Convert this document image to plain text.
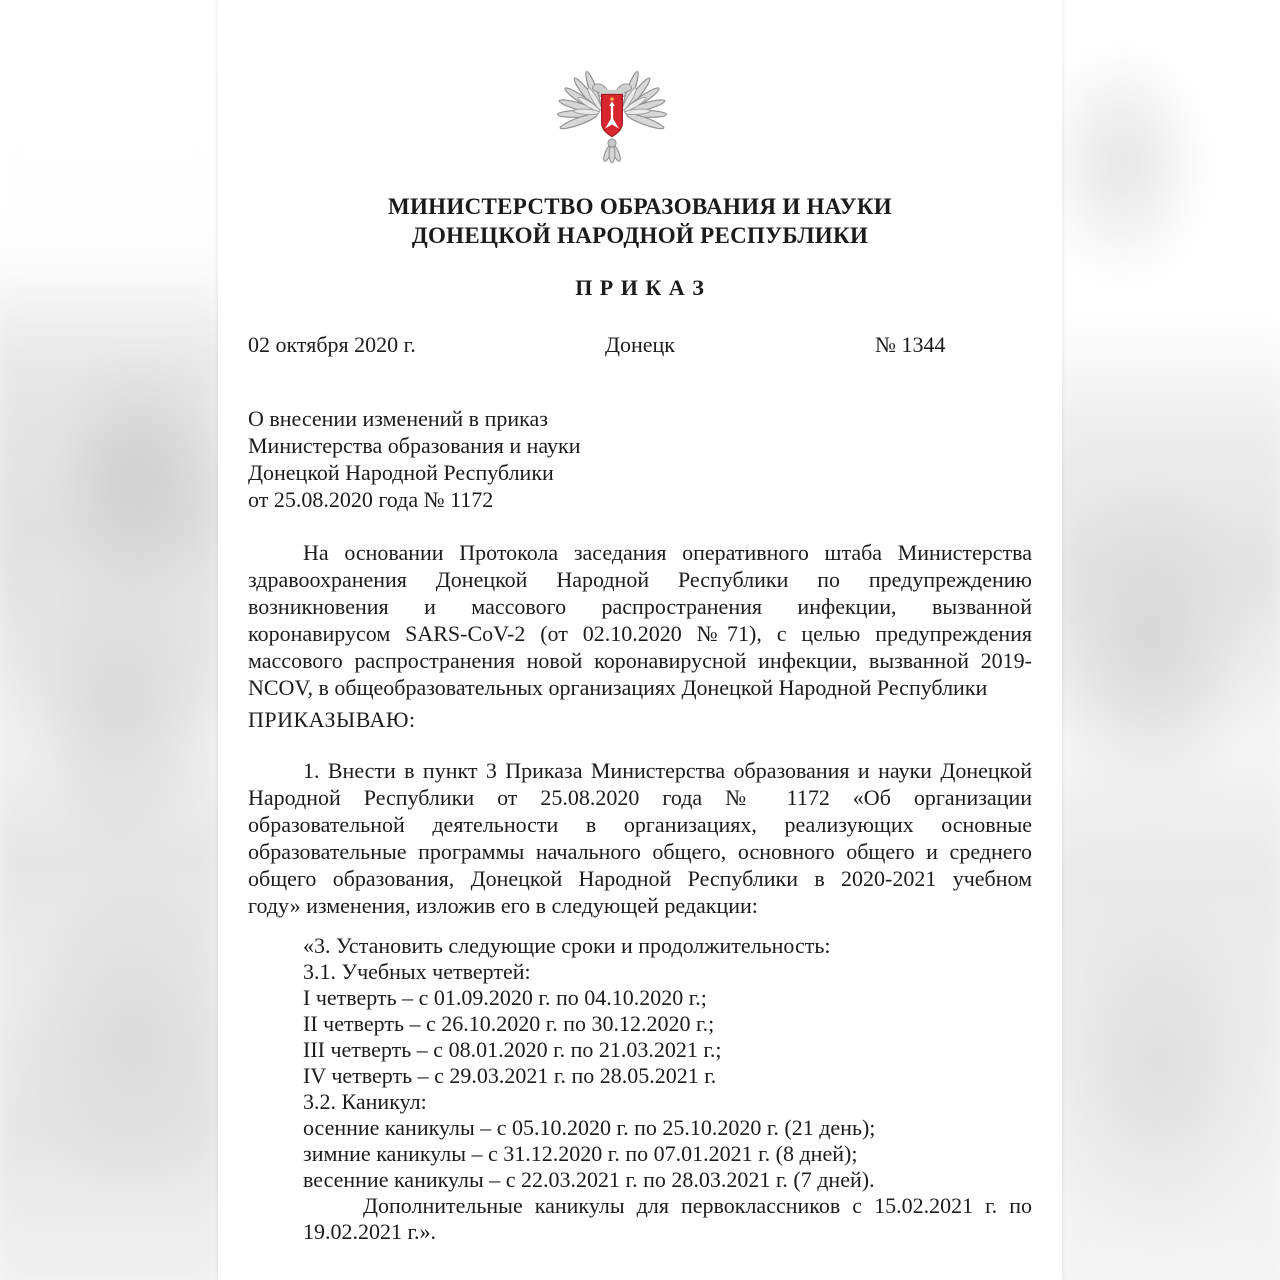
МИНИСТЕРСТВО ОБРАЗОВАНИЯ И НАУКИ
ДОНЕЦКОЙ НАРОДНОЙ РЕСПУБЛИКИ
П Р И К А З
02 октября 2020 г.	Донецк	№ 1344
О внесении изменений в приказ
Министерства образования и науки
Донецкой Народной Республики
от 25.08.2020 года № 1172
На основании Протокола заседания оперативного штаба Министерства
здравоохранения Донецкой Народной Республики по предупреждению
возникновения и массового распространения инфекции, вызванной
коронавирусом SARS-CoV-2 (от 02.10.2020 №71), с целью предупреждения
массового распространения новой коронавирусной инфекции, вызванной 2019-
NCOV, в общеобразовательных организациях Донецкой Народной Республики
ПРИКАЗЫВАЮ:
1. Внести в пункт 3 Приказа Министерства образования и науки Донецкой
Народной Республики от 25.08.2020 года № 1172 «Об организации
образовательной деятельности в организациях, реализующих основные
образовательные программы начального общего, основного общего и среднего
общего образования, Донецкой Народной Республики в 2020-2021 учебном
году» изменения, изложив его в следующей редакции:
«3. Установить следующие сроки и продолжительность:
3.1. Учебных четвертей:
I четверть – с 01.09.2020 г. по 04.10.2020 г.;
II четверть – с 26.10.2020 г. по 30.12.2020 г.;
III четверть – с 08.01.2020 г. по 21.03.2021 г.;
IV четверть – с 29.03.2021 г. по 28.05.2021 г.
3.2. Каникул:
осенние каникулы – с 05.10.2020 г. по 25.10.2020 г. (21 день);
зимние каникулы – с 31.12.2020 г. по 07.01.2021 г. (8 дней);
весенние каникулы – с 22.03.2021 г. по 28.03.2021 г. (7 дней).
Дополнительные каникулы для первоклассников с 15.02.2021 г. по
19.02.2021 г.».
